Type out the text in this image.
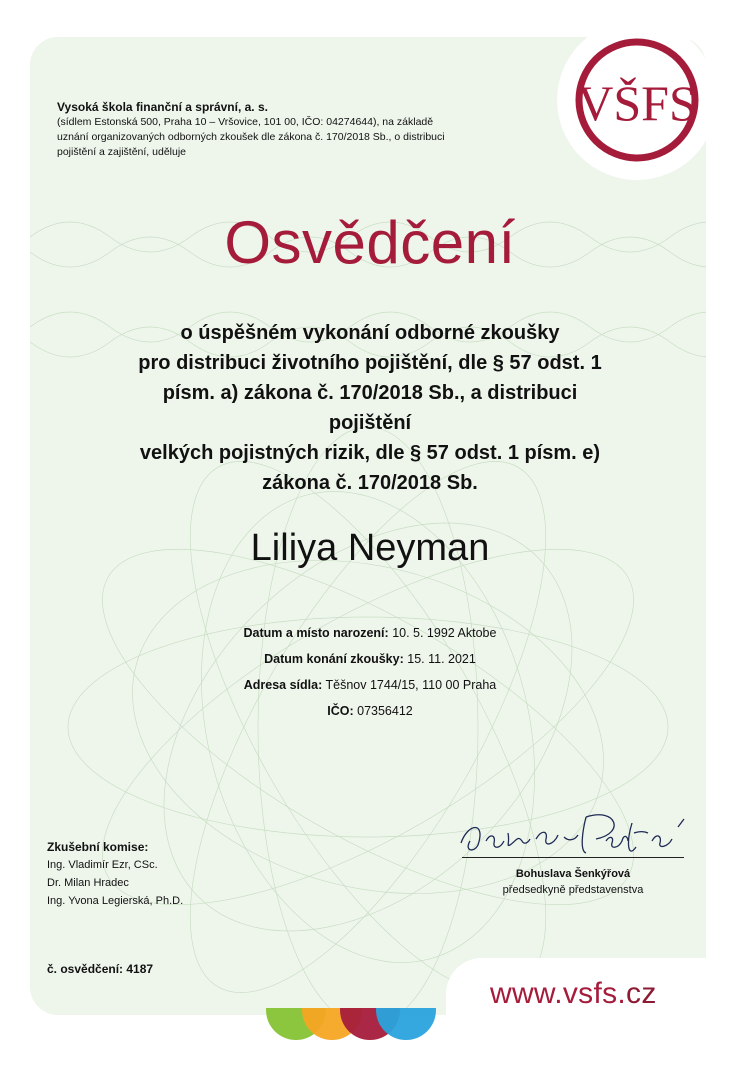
VŠFS
Vysoká škola finanční a správní, a. s.
(sídlem Estonská 500, Praha 10 – Vršovice, 101 00, IČO: 04274644), na základě
uznání organizovaných odborných zkoušek dle zákona č. 170/2018 Sb., o distribuci
pojištění a zajištění, uděluje
Osvědčení
o úspěšném vykonání odborné zkoušky
pro distribuci životního pojištění, dle § 57 odst. 1
písm. a) zákona č. 170/2018 Sb., a distribuci pojištění
velkých pojistných rizik, dle § 57 odst. 1 písm. e)
zákona č. 170/2018 Sb.
Liliya Neyman
Datum a místo narození: 10. 5. 1992 Aktobe
Datum konání zkoušky: 15. 11. 2021
Adresa sídla: Těšnov 1744/15, 110 00 Praha
IČO: 07356412
Zkušební komise:
Ing. Vladimír Ezr, CSc.
Dr. Milan Hradec
Ing. Yvona Legierská, Ph.D.
Bohuslava Šenkýřová
předsedkyně představenstva
č. osvědčení: 4187
www.vsfs.cz
